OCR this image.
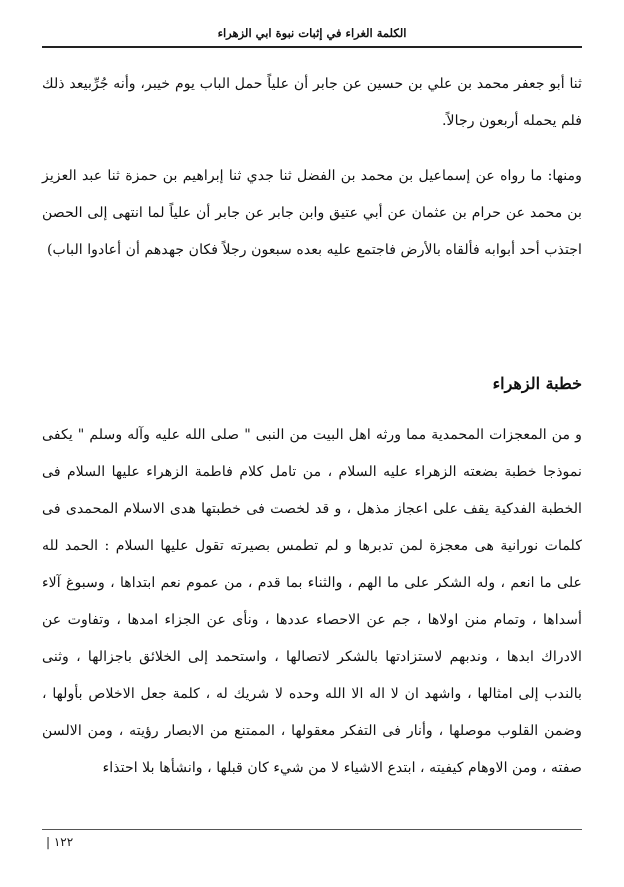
الكلمة الغراء في إثبات نبوة ابي الزهراء

ثنا أبو جعفر محمد بن علي بن حسين عن جابر أن علياً حمل الباب يوم خيبر، وأنه جُرِّبيعد ذلك فلم يحمله أربعون رجالاً.

ومنها: ما رواه عن إسماعيل بن محمد بن الفضل ثنا جدي ثنا إبراهيم بن حمزة ثنا عبد العزيز بن محمد عن حرام بن عثمان عن أبي عتيق وابن جابر عن جابر أن علياً لما انتهى إلى الحصن اجتذب أحد أبوابه فألقاه بالأرض فاجتمع عليه بعده سبعون رجلاً فكان جهدهم أن أعادوا الباب)

خطبة الزهراء

و من المعجزات المحمدية مما ورثه اهل البيت من النبى " صلى الله عليه وآله وسلم " يكفى نموذجا خطبة بضعته الزهراء عليه السلام ، من تامل كلام فاطمة الزهراء عليها السلام فى الخطبة الفدكية يقف على اعجاز مذهل ، و قد لخصت فى خطبتها هدى الاسلام المحمدى فى كلمات نورانية هى معجزة لمن تدبرها و لم تطمس بصيرته تقول عليها السلام : الحمد لله على ما انعم ، وله الشكر على ما الهم ، والثناء بما قدم ، من عموم نعم ابتداها ، وسبوغ آلاء أسداها ، وتمام منن اولاها ، جم عن الاحصاء عددها ، ونأى عن الجزاء امدها ، وتفاوت عن الادراك ابدها ، وندبهم لاستزادتها بالشكر لاتصالها ، واستحمد إلى الخلائق باجزالها ، وثنى بالندب إلى امثالها ، واشهد ان لا اله الا الله وحده لا شريك له ، كلمة جعل الاخلاص بأولها ، وضمن القلوب موصلها ، وأنار فى التفكر معقولها ، الممتنع من الابصار رؤيته ، ومن الالسن صفته ، ومن الاوهام كيفيته ، ابتدع الاشياء لا من شيء كان قبلها ، وانشأها بلا احتذاء

١٢٢ |
